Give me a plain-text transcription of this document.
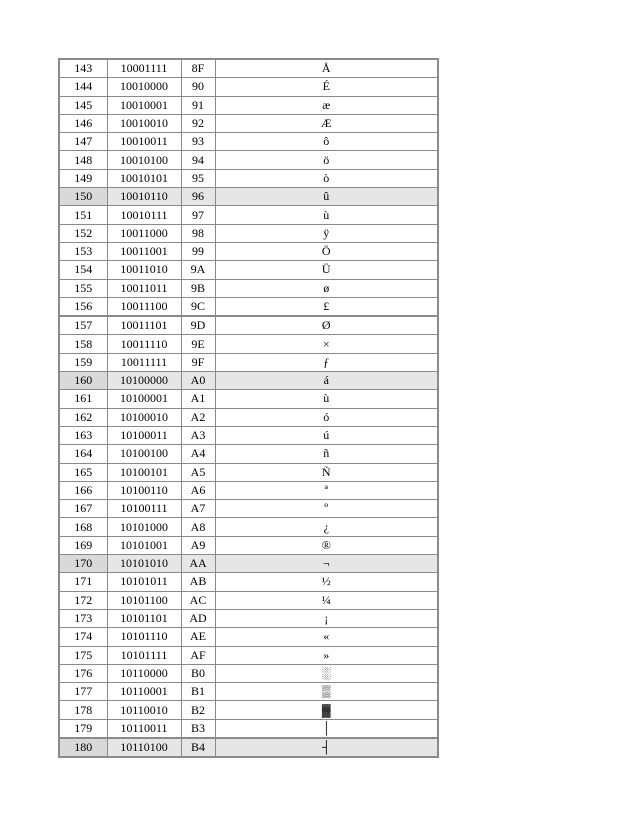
143	10001111	8F	Å
144	10010000	90	É
145	10010001	91	æ
146	10010010	92	Æ
147	10010011	93	ô
148	10010100	94	ö
149	10010101	95	ò
150	10010110	96	û
151	10010111	97	ù
152	10011000	98	ÿ
153	10011001	99	Ö
154	10011010	9A	Ü
155	10011011	9B	ø
156	10011100	9C	£
157	10011101	9D	Ø
158	10011110	9E	×
159	10011111	9F	ƒ
160	10100000	A0	á
161	10100001	A1	ù
162	10100010	A2	ó
163	10100011	A3	ú
164	10100100	A4	ñ
165	10100101	A5	Ñ
166	10100110	A6	ª
167	10100111	A7	º
168	10101000	A8	¿
169	10101001	A9	®
170	10101010	AA	¬
171	10101011	AB	½
172	10101100	AC	¼
173	10101101	AD	¡
174	10101110	AE	«
175	10101111	AF	»
176	10110000	B0	░
177	10110001	B1	▒
178	10110010	B2	▓
179	10110011	B3	│
180	10110100	B4	┤
